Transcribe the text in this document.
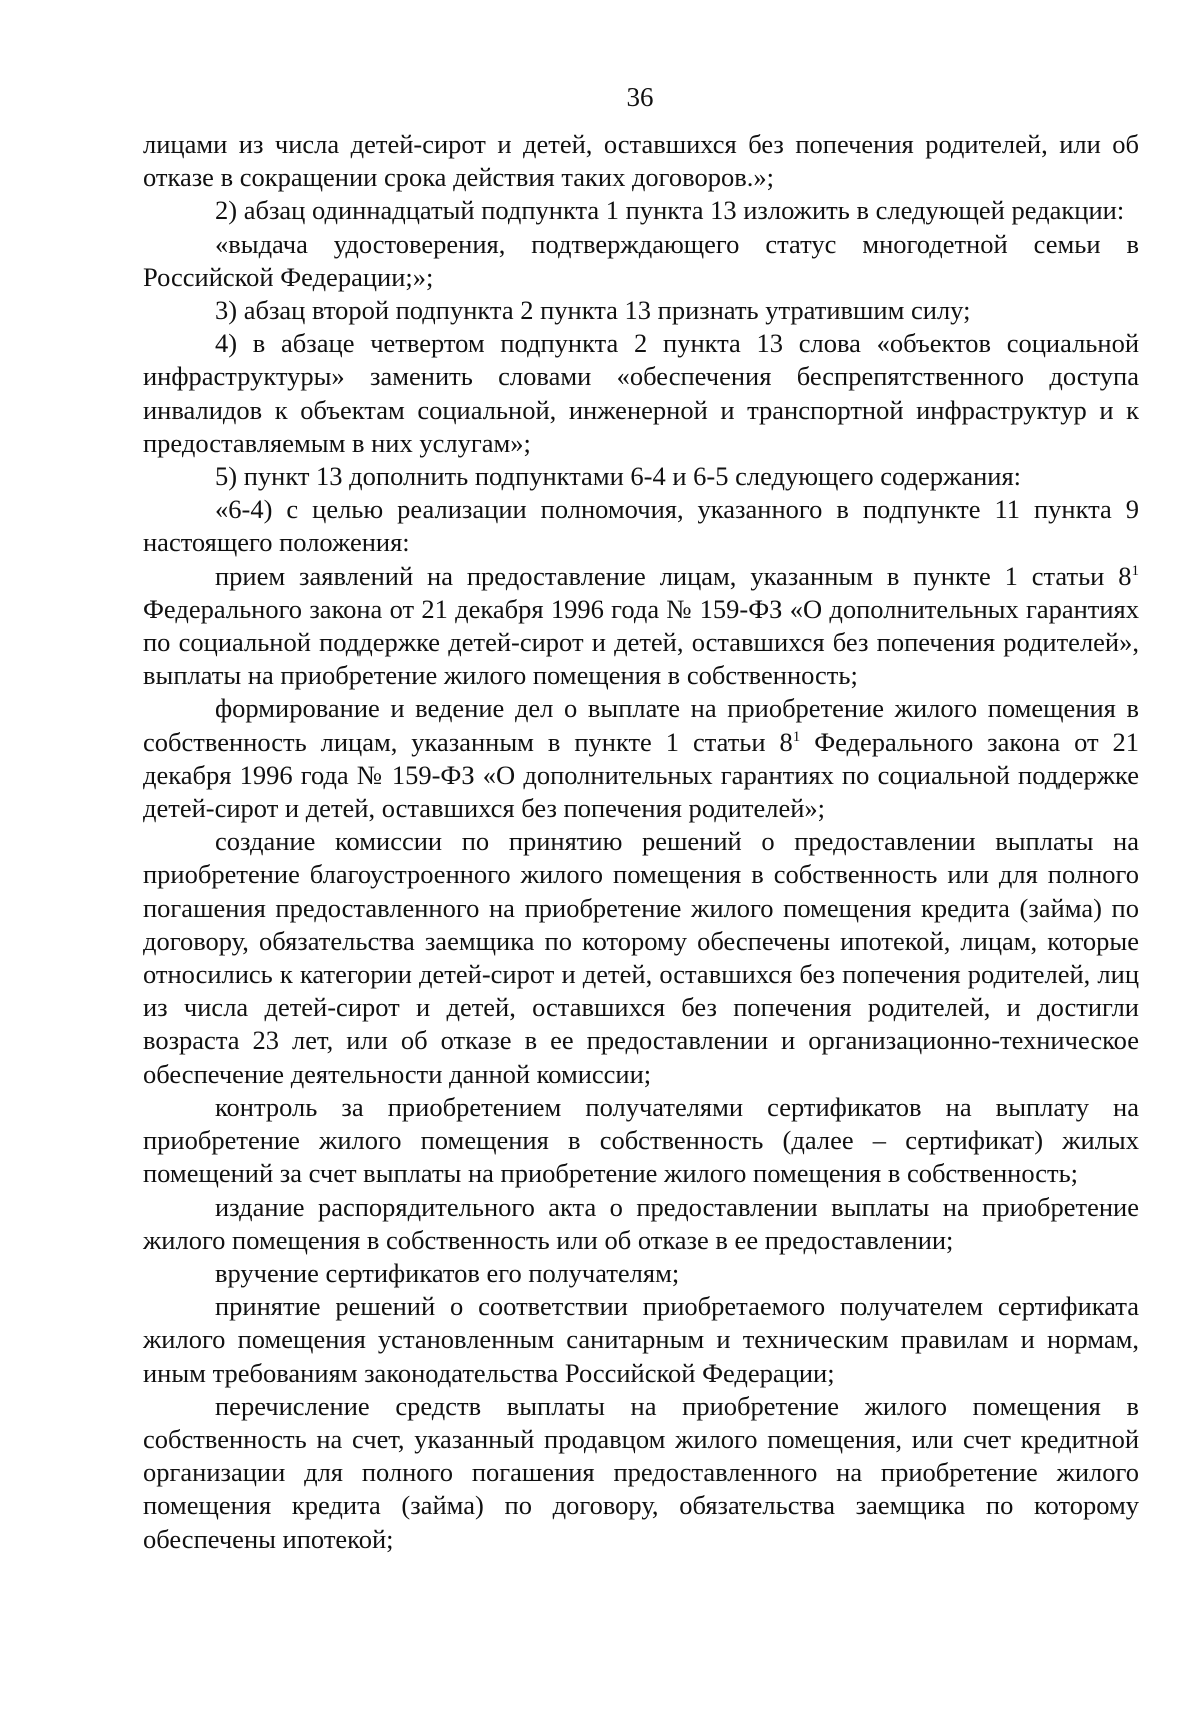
36

лицами из числа детей-сирот и детей, оставшихся без попечения родителей, или об отказе в сокращении срока действия таких договоров.»;

2) абзац одиннадцатый подпункта 1 пункта 13 изложить в следующей редакции:

«выдача удостоверения, подтверждающего статус многодетной семьи в Российской Федерации;»;

3) абзац второй подпункта 2 пункта 13 признать утратившим силу;

4) в абзаце четвертом подпункта 2 пункта 13 слова «объектов социальной инфраструктуры» заменить словами «обеспечения беспрепятственного доступа инвалидов к объектам социальной, инженерной и транспортной инфраструктур и к предоставляемым в них услугам»;

5) пункт 13 дополнить подпунктами 6-4 и 6-5 следующего содержания:

«6-4) с целью реализации полномочия, указанного в подпункте 11 пункта 9 настоящего положения:

прием заявлений на предоставление лицам, указанным в пункте 1 статьи $8^1$ Федерального закона от 21 декабря 1996 года № 159-ФЗ «О дополнительных гарантиях по социальной поддержке детей-сирот и детей, оставшихся без попечения родителей», выплаты на приобретение жилого помещения в собственность;

формирование и ведение дел о выплате на приобретение жилого помещения в собственность лицам, указанным в пункте 1 статьи $8^1$ Федерального закона от 21 декабря 1996 года № 159-ФЗ «О дополнительных гарантиях по социальной поддержке детей-сирот и детей, оставшихся без попечения родителей»;

создание комиссии по принятию решений о предоставлении выплаты на приобретение благоустроенного жилого помещения в собственность или для полного погашения предоставленного на приобретение жилого помещения кредита (займа) по договору, обязательства заемщика по которому обеспечены ипотекой, лицам, которые относились к категории детей-сирот и детей, оставшихся без попечения родителей, лиц из числа детей-сирот и детей, оставшихся без попечения родителей, и достигли возраста 23 лет, или об отказе в ее предоставлении и организационно-техническое обеспечение деятельности данной комиссии;

контроль за приобретением получателями сертификатов на выплату на приобретение жилого помещения в собственность (далее – сертификат) жилых помещений за счет выплаты на приобретение жилого помещения в собственность;

издание распорядительного акта о предоставлении выплаты на приобретение жилого помещения в собственность или об отказе в ее предоставлении;

вручение сертификатов его получателям;

принятие решений о соответствии приобретаемого получателем сертификата жилого помещения установленным санитарным и техническим правилам и нормам, иным требованиям законодательства Российской Федерации;

перечисление средств выплаты на приобретение жилого помещения в собственность на счет, указанный продавцом жилого помещения, или счет кредитной организации для полного погашения предоставленного на приобретение жилого помещения кредита (займа) по договору, обязательства заемщика по которому обеспечены ипотекой;
